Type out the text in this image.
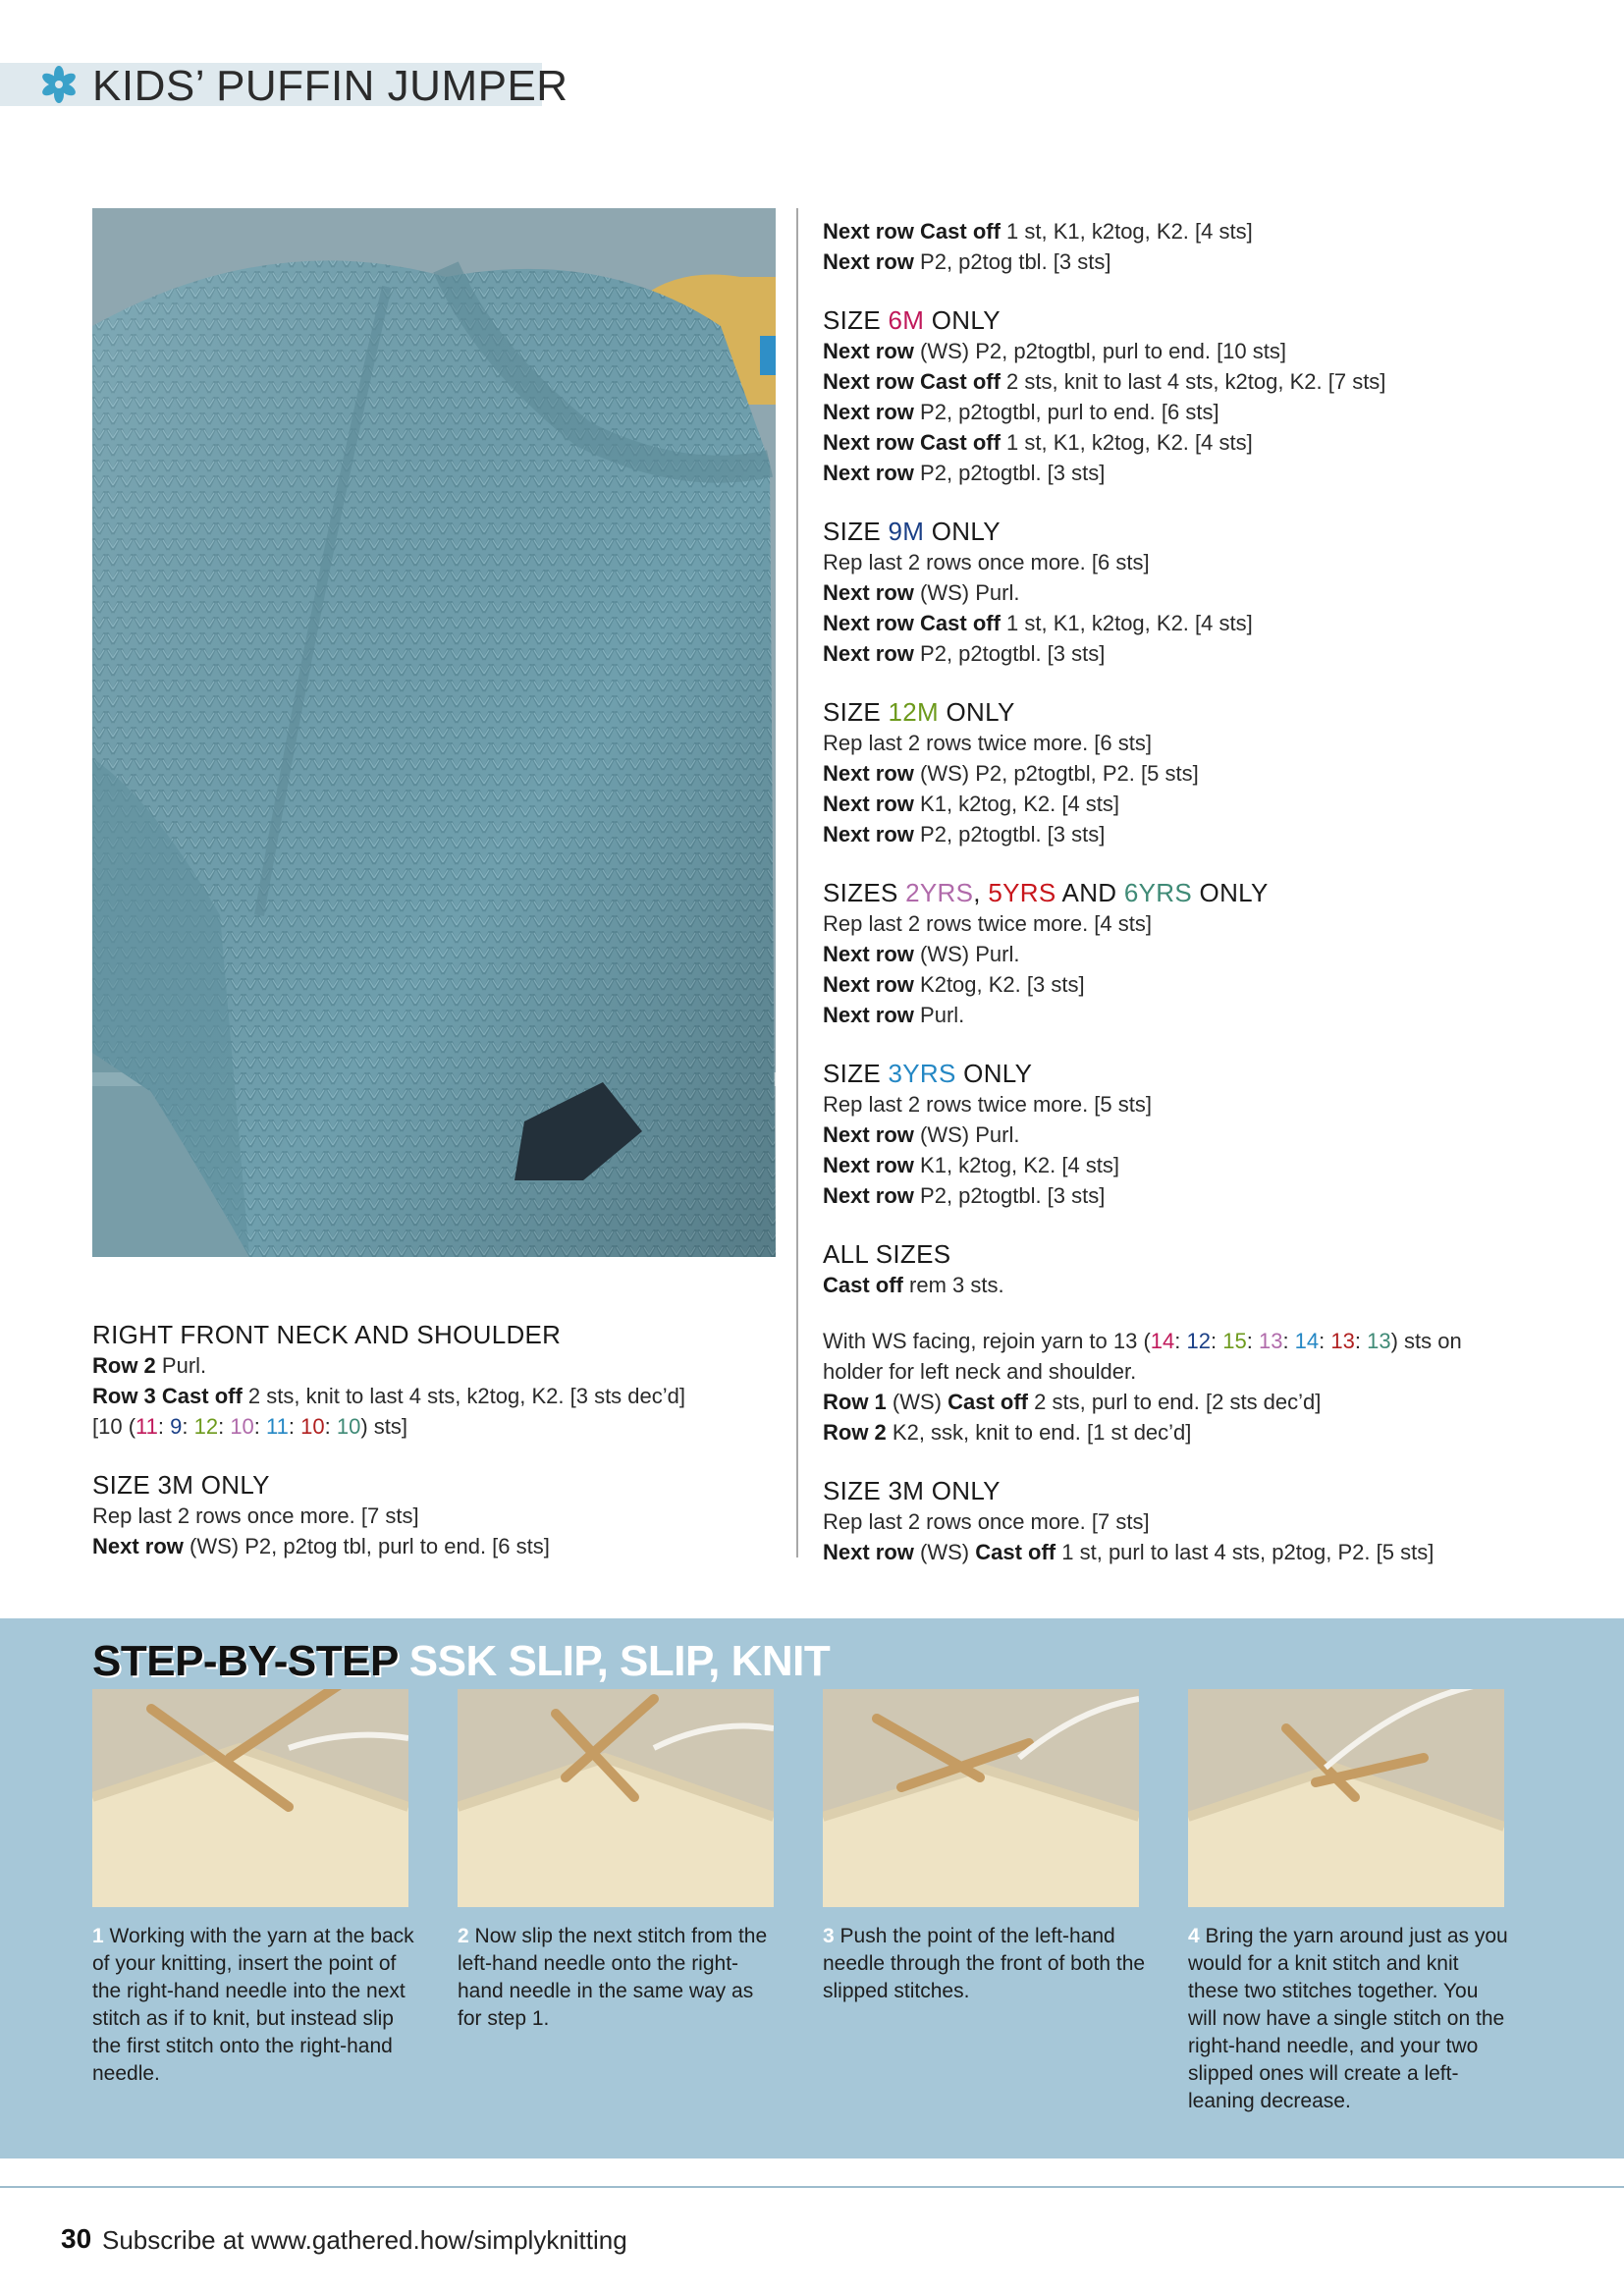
KIDS’ PUFFIN JUMPER

Next row Cast off 1 st, K1, k2tog, K2. [4 sts]

Next row P2, p2tog tbl. [3 sts]

SIZE 6M ONLY

Next row (WS) P2, p2togtbl, purl to end. [10 sts]

Next row Cast off 2 sts, knit to last 4 sts, k2tog, K2. [7 sts]

Next row P2, p2togtbl, purl to end. [6 sts]

Next row Cast off 1 st, K1, k2tog, K2. [4 sts]

Next row P2, p2togtbl. [3 sts]

SIZE 9M ONLY

Rep last 2 rows once more. [6 sts]

Next row (WS) Purl.

Next row Cast off 1 st, K1, k2tog, K2. [4 sts]

Next row P2, p2togtbl. [3 sts]

SIZE 12M ONLY

Rep last 2 rows twice more. [6 sts]

Next row (WS) P2, p2togtbl, P2. [5 sts]

Next row K1, k2tog, K2. [4 sts]

Next row P2, p2togtbl. [3 sts]

SIZES 2YRS, 5YRS AND 6YRS ONLY

Rep last 2 rows twice more. [4 sts]

Next row (WS) Purl.

Next row K2tog, K2. [3 sts]

Next row Purl.

SIZE 3YRS ONLY

Rep last 2 rows twice more. [5 sts]

Next row (WS) Purl.

Next row K1, k2tog, K2. [4 sts]

Next row P2, p2togtbl. [3 sts]

ALL SIZES

Cast off rem 3 sts.

RIGHT FRONT NECK AND SHOULDER

Row 2 Purl.

Row 3 Cast off 2 sts, knit to last 4 sts, k2tog, K2. [3 sts dec’d]

[10 (11: 9: 12: 10: 11: 10: 10) sts]

SIZE 3M ONLY

Rep last 2 rows once more. [7 sts]

Next row (WS) P2, p2tog tbl, purl to end. [6 sts]

With WS facing, rejoin yarn to 13 (14: 12: 15: 13: 14: 13: 13) sts on

holder for left neck and shoulder.

Row 1 (WS) Cast off 2 sts, purl to end. [2 sts dec’d]

Row 2 K2, ssk, knit to end. [1 st dec’d]

SIZE 3M ONLY

Rep last 2 rows once more. [7 sts]

Next row (WS) Cast off 1 st, purl to last 4 sts, p2tog, P2. [5 sts]

STEP-BY-STEP SSK SLIP, SLIP, KNIT
1 Working with the yarn at the back of your knitting, insert the point of the right-hand needle into the next stitch as if to knit, but instead slip the first stitch onto the right-hand needle.
2 Now slip the next stitch from the left-hand needle onto the right-hand needle in the same way as for step 1.
3 Push the point of the left-hand needle through the front of both the slipped stitches.
4 Bring the yarn around just as you would for a knit stitch and knit these two stitches together. You will now have a single stitch on the right-hand needle, and your two slipped ones will create a left-leaning decrease.
30 Subscribe at www.gathered.how/simplyknitting
